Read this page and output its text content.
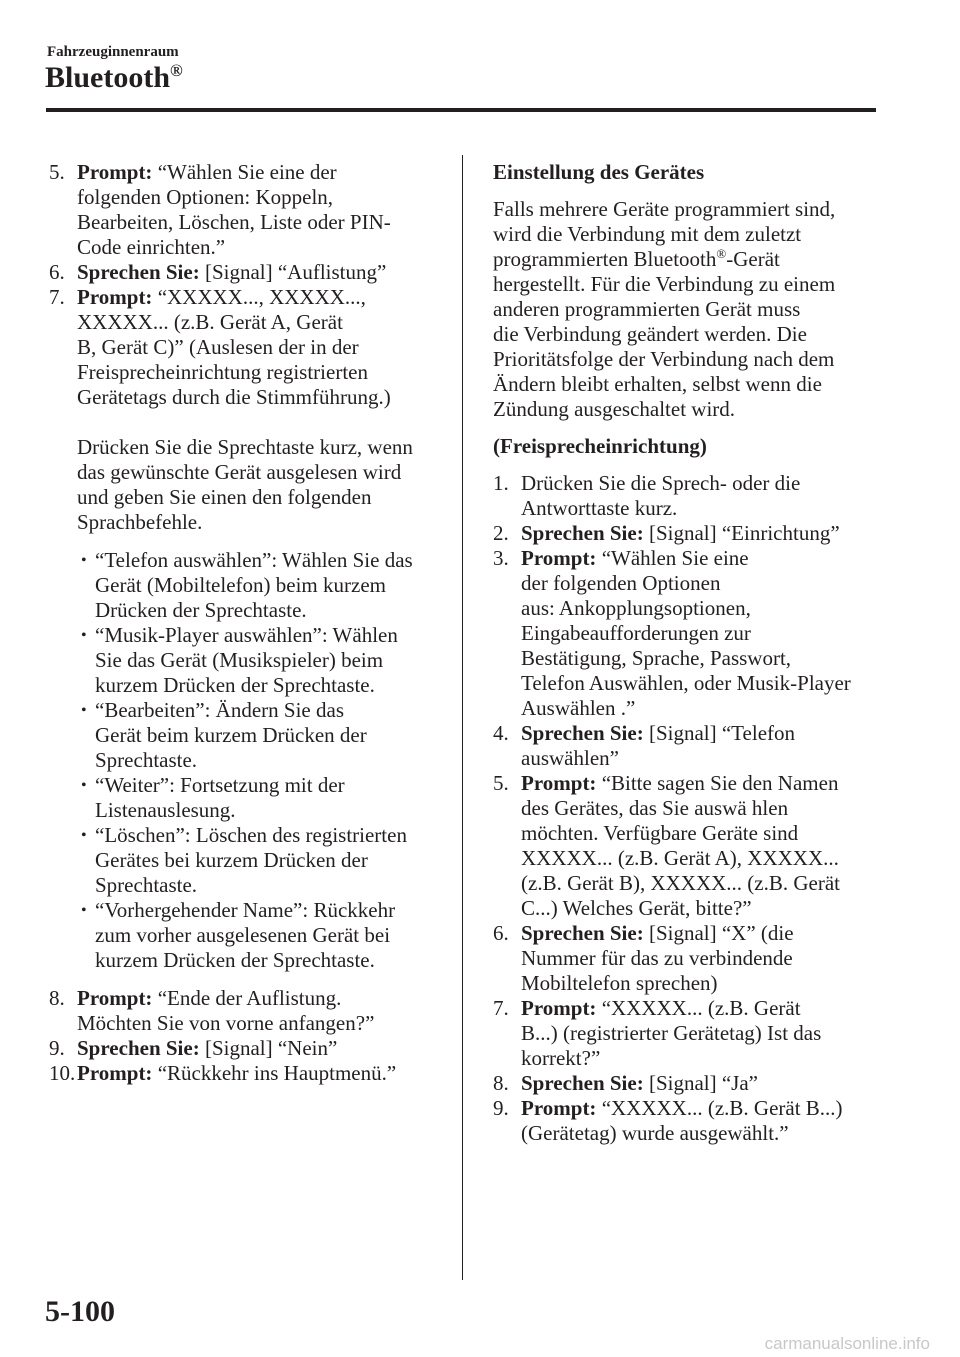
Fahrzeuginnenraum
Bluetooth®
5. Prompt: “Wählen Sie eine der
folgenden Optionen: Koppeln,
Bearbeiten, Löschen, Liste oder PIN-
Code einrichten.”
6. Sprechen Sie: [Signal] “Auflistung”
7. Prompt: “XXXXX..., XXXXX...,
XXXXX... (z.B. Gerät A, Gerät
B, Gerät C)” (Auslesen der in der
Freisprecheinrichtung registrierten
Gerätetags durch die Stimmführung.)
Drücken Sie die Sprechtaste kurz, wenn
das gewünschte Gerät ausgelesen wird
und geben Sie einen den folgenden
Sprachbefehle.
• “Telefon auswählen”: Wählen Sie das
Gerät (Mobiltelefon) beim kurzem
Drücken der Sprechtaste.
• “Musik-Player auswählen”: Wählen
Sie das Gerät (Musikspieler) beim
kurzem Drücken der Sprechtaste.
• “Bearbeiten”: Ändern Sie das
Gerät beim kurzem Drücken der
Sprechtaste.
• “Weiter”: Fortsetzung mit der
Listenauslesung.
• “Löschen”: Löschen des registrierten
Gerätes bei kurzem Drücken der
Sprechtaste.
• “Vorhergehender Name”: Rückkehr
zum vorher ausgelesenen Gerät bei
kurzem Drücken der Sprechtaste.
8. Prompt: “Ende der Auflistung.
Möchten Sie von vorne anfangen?”
9. Sprechen Sie: [Signal] “Nein”
10. Prompt: “Rückkehr ins Hauptmenü.”
Einstellung des Gerätes
Falls mehrere Geräte programmiert sind,
wird die Verbindung mit dem zuletzt
programmierten Bluetooth®-Gerät
hergestellt. Für die Verbindung zu einem
anderen programmierten Gerät muss
die Verbindung geändert werden. Die
Prioritätsfolge der Verbindung nach dem
Ändern bleibt erhalten, selbst wenn die
Zündung ausgeschaltet wird.
(Freisprecheinrichtung)
1. Drücken Sie die Sprech- oder die
Antworttaste kurz.
2. Sprechen Sie: [Signal] “Einrichtung”
3. Prompt: “Wählen Sie eine
der folgenden Optionen
aus: Ankopplungsoptionen,
Eingabeaufforderungen zur
Bestätigung, Sprache, Passwort,
Telefon Auswählen, oder Musik-Player
Auswählen .”
4. Sprechen Sie: [Signal] “Telefon
auswählen”
5. Prompt: “Bitte sagen Sie den Namen
des Gerätes, das Sie auswä hlen
möchten. Verfügbare Geräte sind
XXXXX... (z.B. Gerät A), XXXXX...
(z.B. Gerät B), XXXXX... (z.B. Gerät
C...) Welches Gerät, bitte?”
6. Sprechen Sie: [Signal] “X” (die
Nummer für das zu verbindende
Mobiltelefon sprechen)
7. Prompt: “XXXXX... (z.B. Gerät
B...) (registrierter Gerätetag) Ist das
korrekt?”
8. Sprechen Sie: [Signal] “Ja”
9. Prompt: “XXXXX... (z.B. Gerät B...)
(Gerätetag) wurde ausgewählt.”
5-100
carmanualsonline.info
